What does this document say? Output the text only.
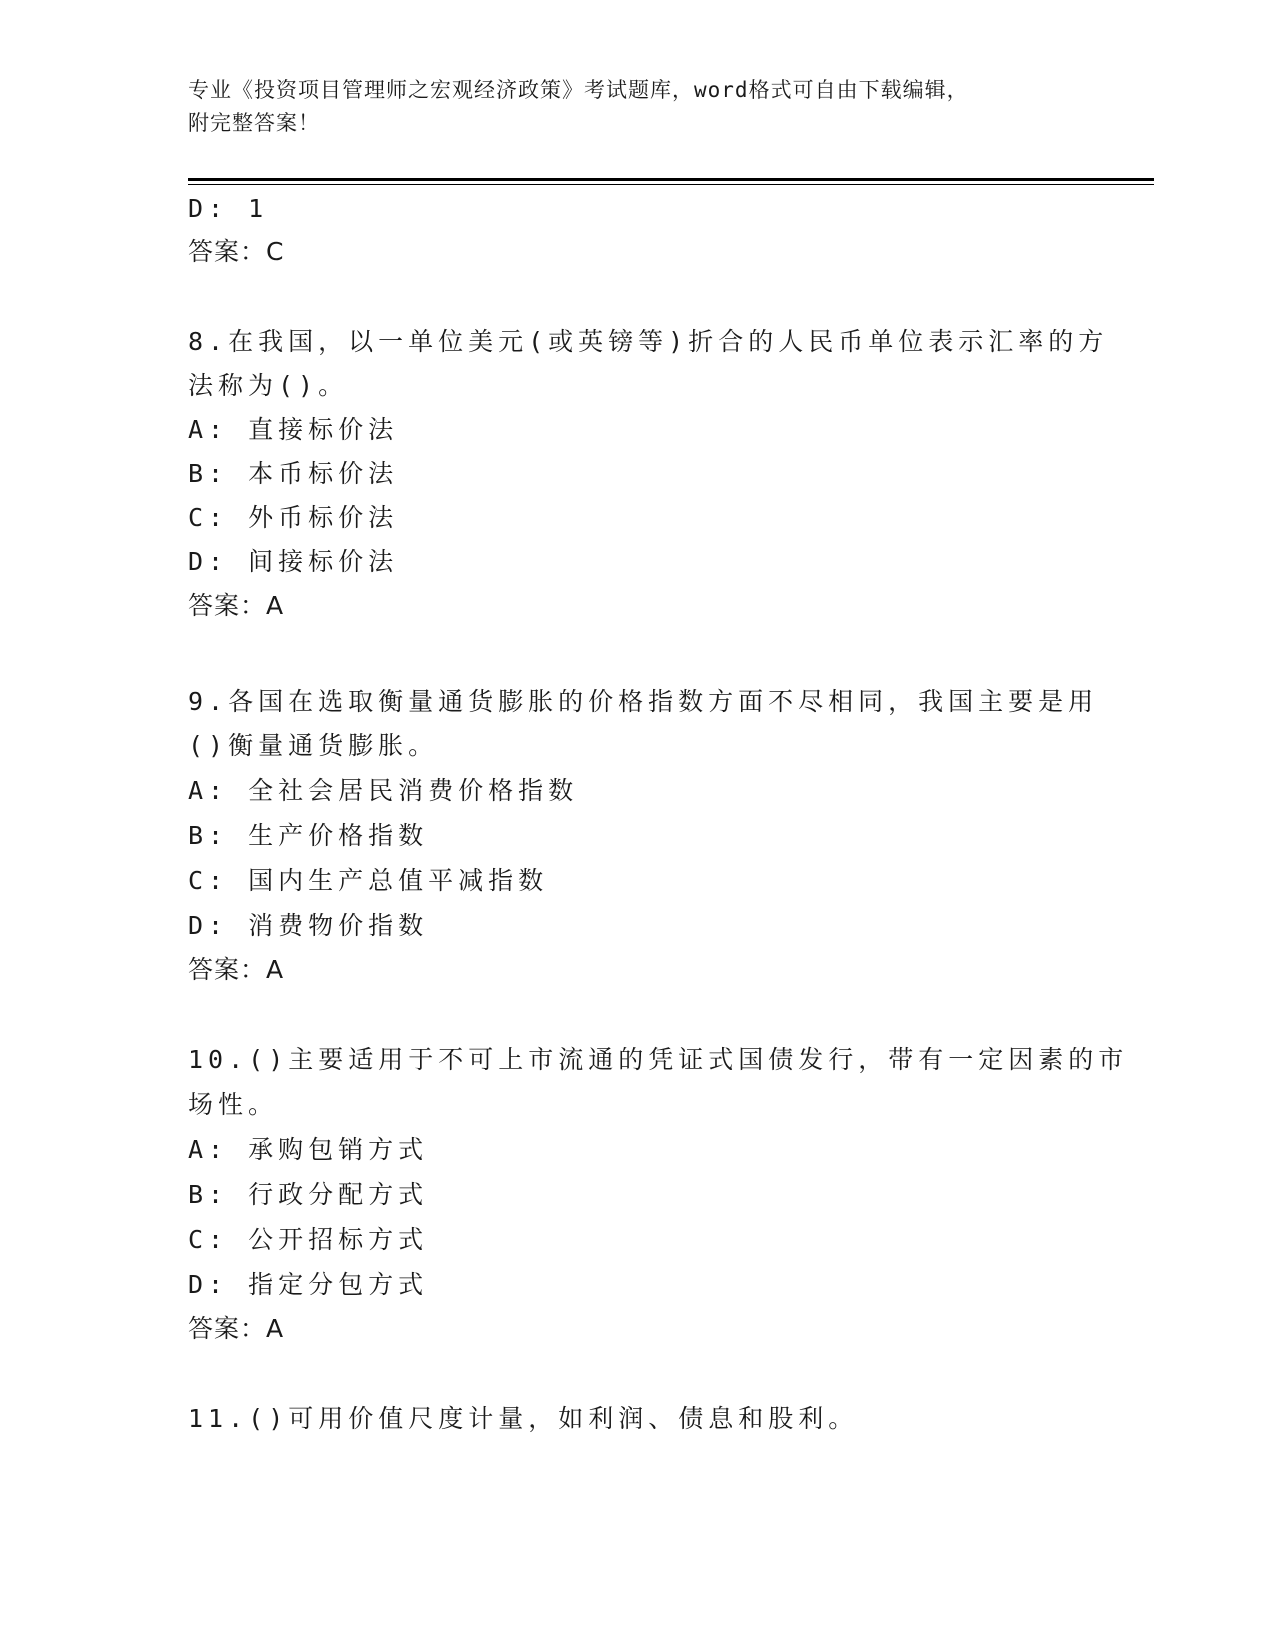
专业《投资项目管理师之宏观经济政策》考试题库，word格式可自由下载编辑，
附完整答案！
D: 1
答案：C
8.在我国，以一单位美元(或英镑等)折合的人民币单位表示汇率的方
法称为()。
A: 直接标价法
B: 本币标价法
C: 外币标价法
D: 间接标价法
答案：A
9.各国在选取衡量通货膨胀的价格指数方面不尽相同，我国主要是用
()衡量通货膨胀。
A: 全社会居民消费价格指数
B: 生产价格指数
C: 国内生产总值平减指数
D: 消费物价指数
答案：A
10.()主要适用于不可上市流通的凭证式国债发行，带有一定因素的市
场性。
A: 承购包销方式
B: 行政分配方式
C: 公开招标方式
D: 指定分包方式
答案：A
11.()可用价值尺度计量，如利润、债息和股利。
